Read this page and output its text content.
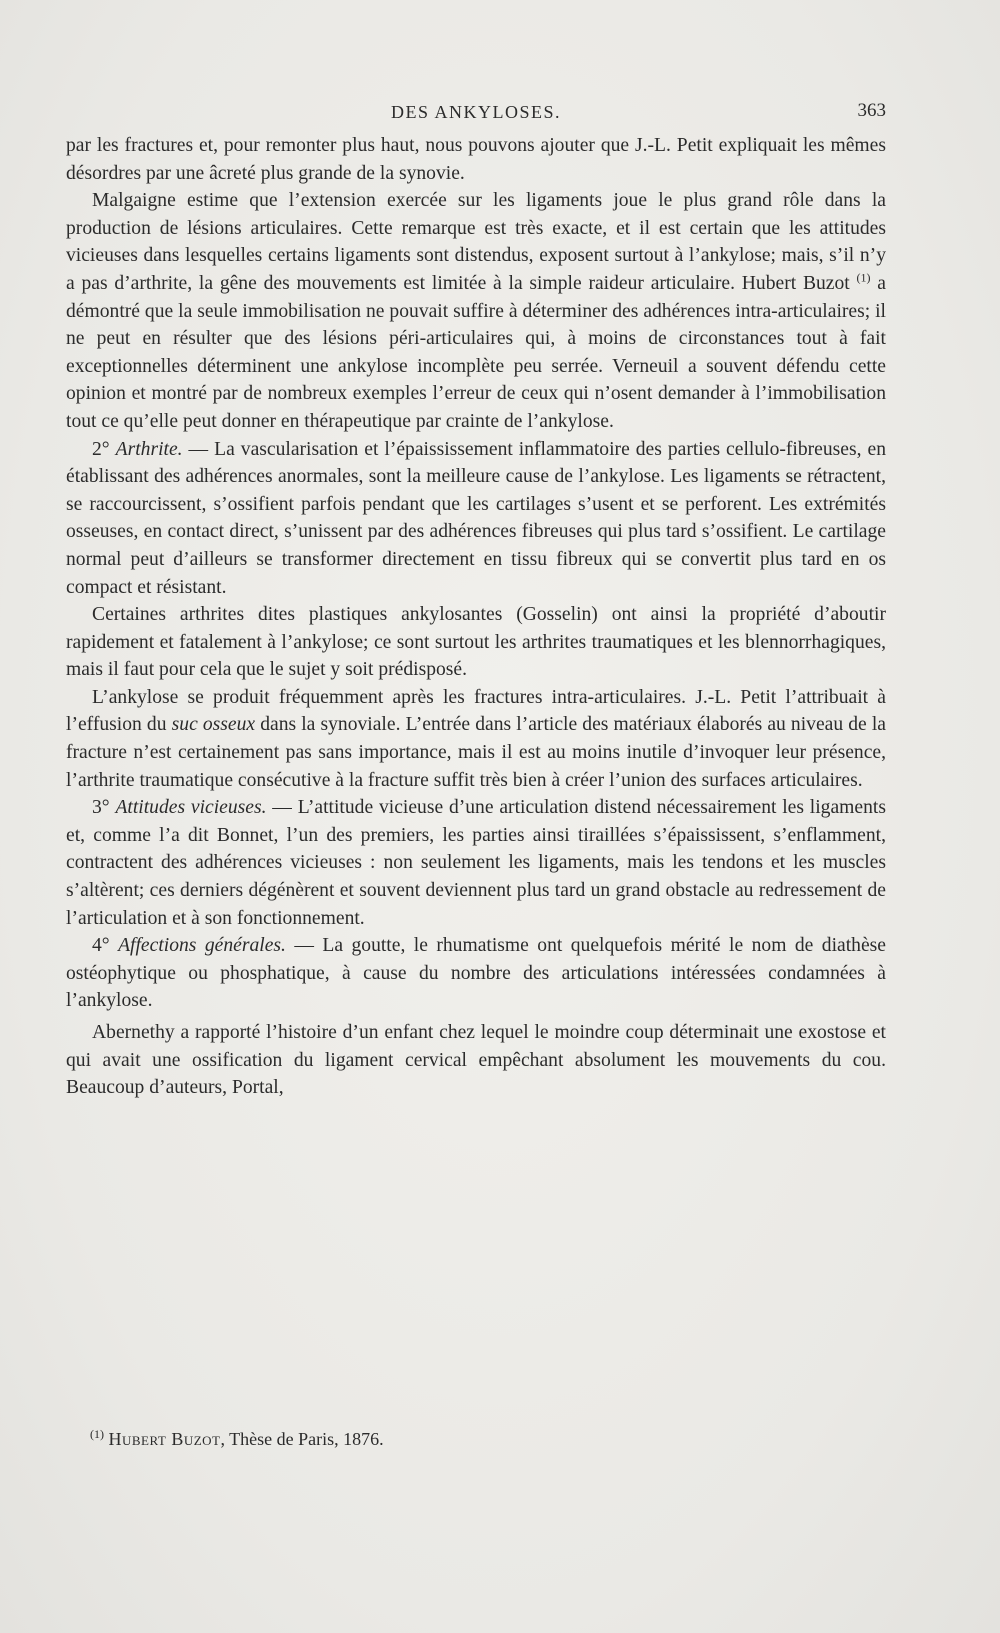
DES ANKYLOSES.	363

par les fractures et, pour remonter plus haut, nous pouvons ajouter que J.-L. Petit expliquait les mêmes désordres par une âcreté plus grande de la synovie.

Malgaigne estime que l’extension exercée sur les ligaments joue le plus grand rôle dans la production de lésions articulaires. Cette remarque est très exacte, et il est certain que les attitudes vicieuses dans lesquelles certains ligaments sont distendus, exposent surtout à l’ankylose; mais, s’il n’y a pas d’arthrite, la gêne des mouvements est limitée à la simple raideur articulaire. Hubert Buzot $^{(1)}$ a démontré que la seule immobilisation ne pouvait suffire à déterminer des adhérences intra-articulaires; il ne peut en résulter que des lésions péri-articulaires qui, à moins de circonstances tout à fait exceptionnelles déterminent une ankylose incomplète peu serrée. Verneuil a souvent défendu cette opinion et montré par de nombreux exemples l’erreur de ceux qui n’osent demander à l’immobilisation tout ce qu’elle peut donner en thérapeutique par crainte de l’ankylose.

2° Arthrite. — La vascularisation et l’épaississement inflammatoire des parties cellulo-fibreuses, en établissant des adhérences anormales, sont la meilleure cause de l’ankylose. Les ligaments se rétractent, se raccourcissent, s’ossifient parfois pendant que les cartilages s’usent et se perforent. Les extrémités osseuses, en contact direct, s’unissent par des adhérences fibreuses qui plus tard s’ossifient. Le cartilage normal peut d’ailleurs se transformer directement en tissu fibreux qui se convertit plus tard en os compact et résistant.

Certaines arthrites dites plastiques ankylosantes (Gosselin) ont ainsi la propriété d’aboutir rapidement et fatalement à l’ankylose; ce sont surtout les arthrites traumatiques et les blennorrhagiques, mais il faut pour cela que le sujet y soit prédisposé.

L’ankylose se produit fréquemment après les fractures intra-articulaires. J.-L. Petit l’attribuait à l’effusion du suc osseux dans la synoviale. L’entrée dans l’article des matériaux élaborés au niveau de la fracture n’est certainement pas sans importance, mais il est au moins inutile d’invoquer leur présence, l’arthrite traumatique consécutive à la fracture suffit très bien à créer l’union des surfaces articulaires.

3° Attitudes vicieuses. — L’attitude vicieuse d’une articulation distend nécessairement les ligaments et, comme l’a dit Bonnet, l’un des premiers, les parties ainsi tiraillées s’épaississent, s’enflamment, contractent des adhérences vicieuses : non seulement les ligaments, mais les tendons et les muscles s’altèrent; ces derniers dégénèrent et souvent deviennent plus tard un grand obstacle au redressement de l’articulation et à son fonctionnement.

4° Affections générales. — La goutte, le rhumatisme ont quelquefois mérité le nom de diathèse ostéophytique ou phosphatique, à cause du nombre des articulations intéressées condamnées à l’ankylose.

Abernethy a rapporté l’histoire d’un enfant chez lequel le moindre coup déterminait une exostose et qui avait une ossification du ligament cervical empêchant absolument les mouvements du cou. Beaucoup d’auteurs, Portal,

$^{(1)}$ Hubert Buzot, Thèse de Paris, 1876.
